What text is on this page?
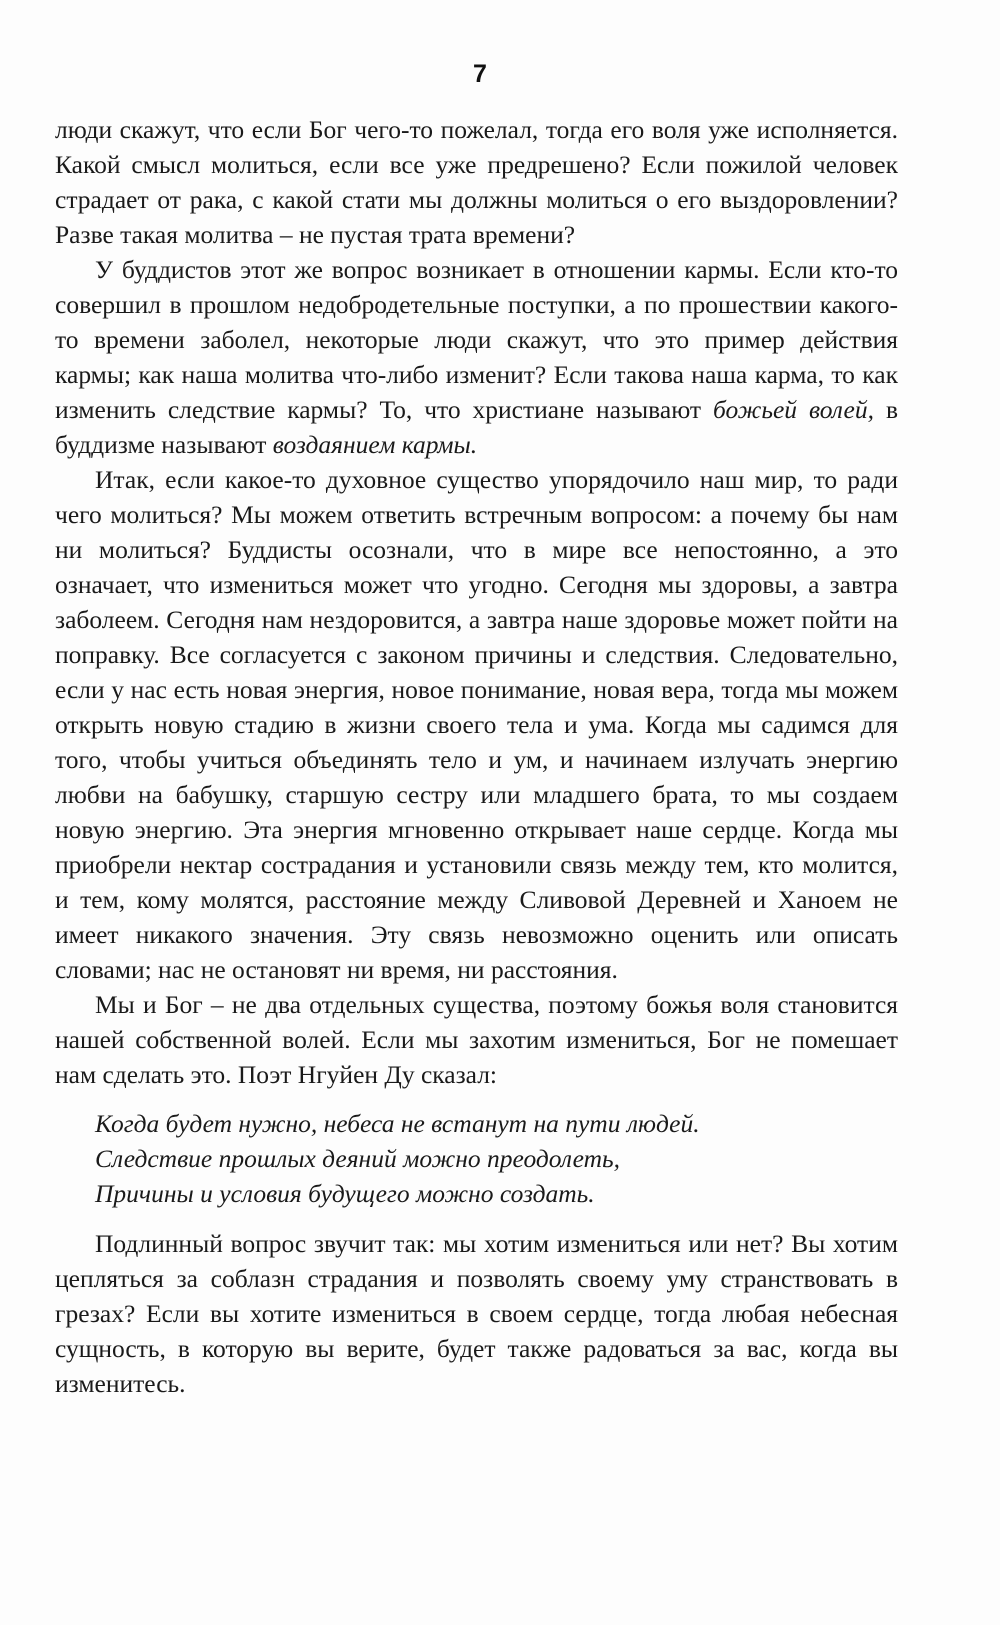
7

люди скажут, что если Бог чего-то пожелал, тогда его воля уже исполняется. Какой смысл молиться, если все уже предрешено? Если пожилой человек страдает от рака, с какой стати мы должны молиться о его выздоровлении? Разве такая молитва – не пустая трата времени?

У буддистов этот же вопрос возникает в отношении кармы. Если кто-то совершил в прошлом недобродетельные поступки, а по прошествии какого-то времени заболел, некоторые люди скажут, что это пример действия кармы; как наша молитва что-либо изменит? Если такова наша карма, то как изменить следствие кармы? То, что христиане называют божьей волей, в буддизме называют воздаянием кармы.

Итак, если какое-то духовное существо упорядочило наш мир, то ради чего молиться? Мы можем ответить встречным вопросом: а почему бы нам ни молиться? Буддисты осознали, что в мире все непостоянно, а это означает, что измениться может что угодно. Сегодня мы здоровы, а завтра заболеем. Сегодня нам нездоровится, а завтра наше здоровье может пойти на поправку. Все согласуется с законом причины и следствия. Следовательно, если у нас есть новая энергия, новое понимание, новая вера, тогда мы можем открыть новую стадию в жизни своего тела и ума. Когда мы садимся для того, чтобы учиться объединять тело и ум, и начинаем излучать энергию любви на бабушку, старшую сестру или младшего брата, то мы создаем новую энергию. Эта энергия мгновенно открывает наше сердце. Когда мы приобрели нектар сострадания и установили связь между тем, кто молится, и тем, кому молятся, расстояние между Сливовой Деревней и Ханоем не имеет никакого значения. Эту связь невозможно оценить или описать словами; нас не остановят ни время, ни расстояния.

Мы и Бог – не два отдельных существа, поэтому божья воля становится нашей собственной волей. Если мы захотим измениться, Бог не помешает нам сделать это. Поэт Нгуйен Ду сказал:

Когда будет нужно, небеса не встанут на пути людей.
Следствие прошлых деяний можно преодолеть,
Причины и условия будущего можно создать.

Подлинный вопрос звучит так: мы хотим измениться или нет? Вы хотим цепляться за соблазн страдания и позволять своему уму странствовать в грезах? Если вы хотите измениться в своем сердце, тогда любая небесная сущность, в которую вы верите, будет также радоваться за вас, когда вы изменитесь.
